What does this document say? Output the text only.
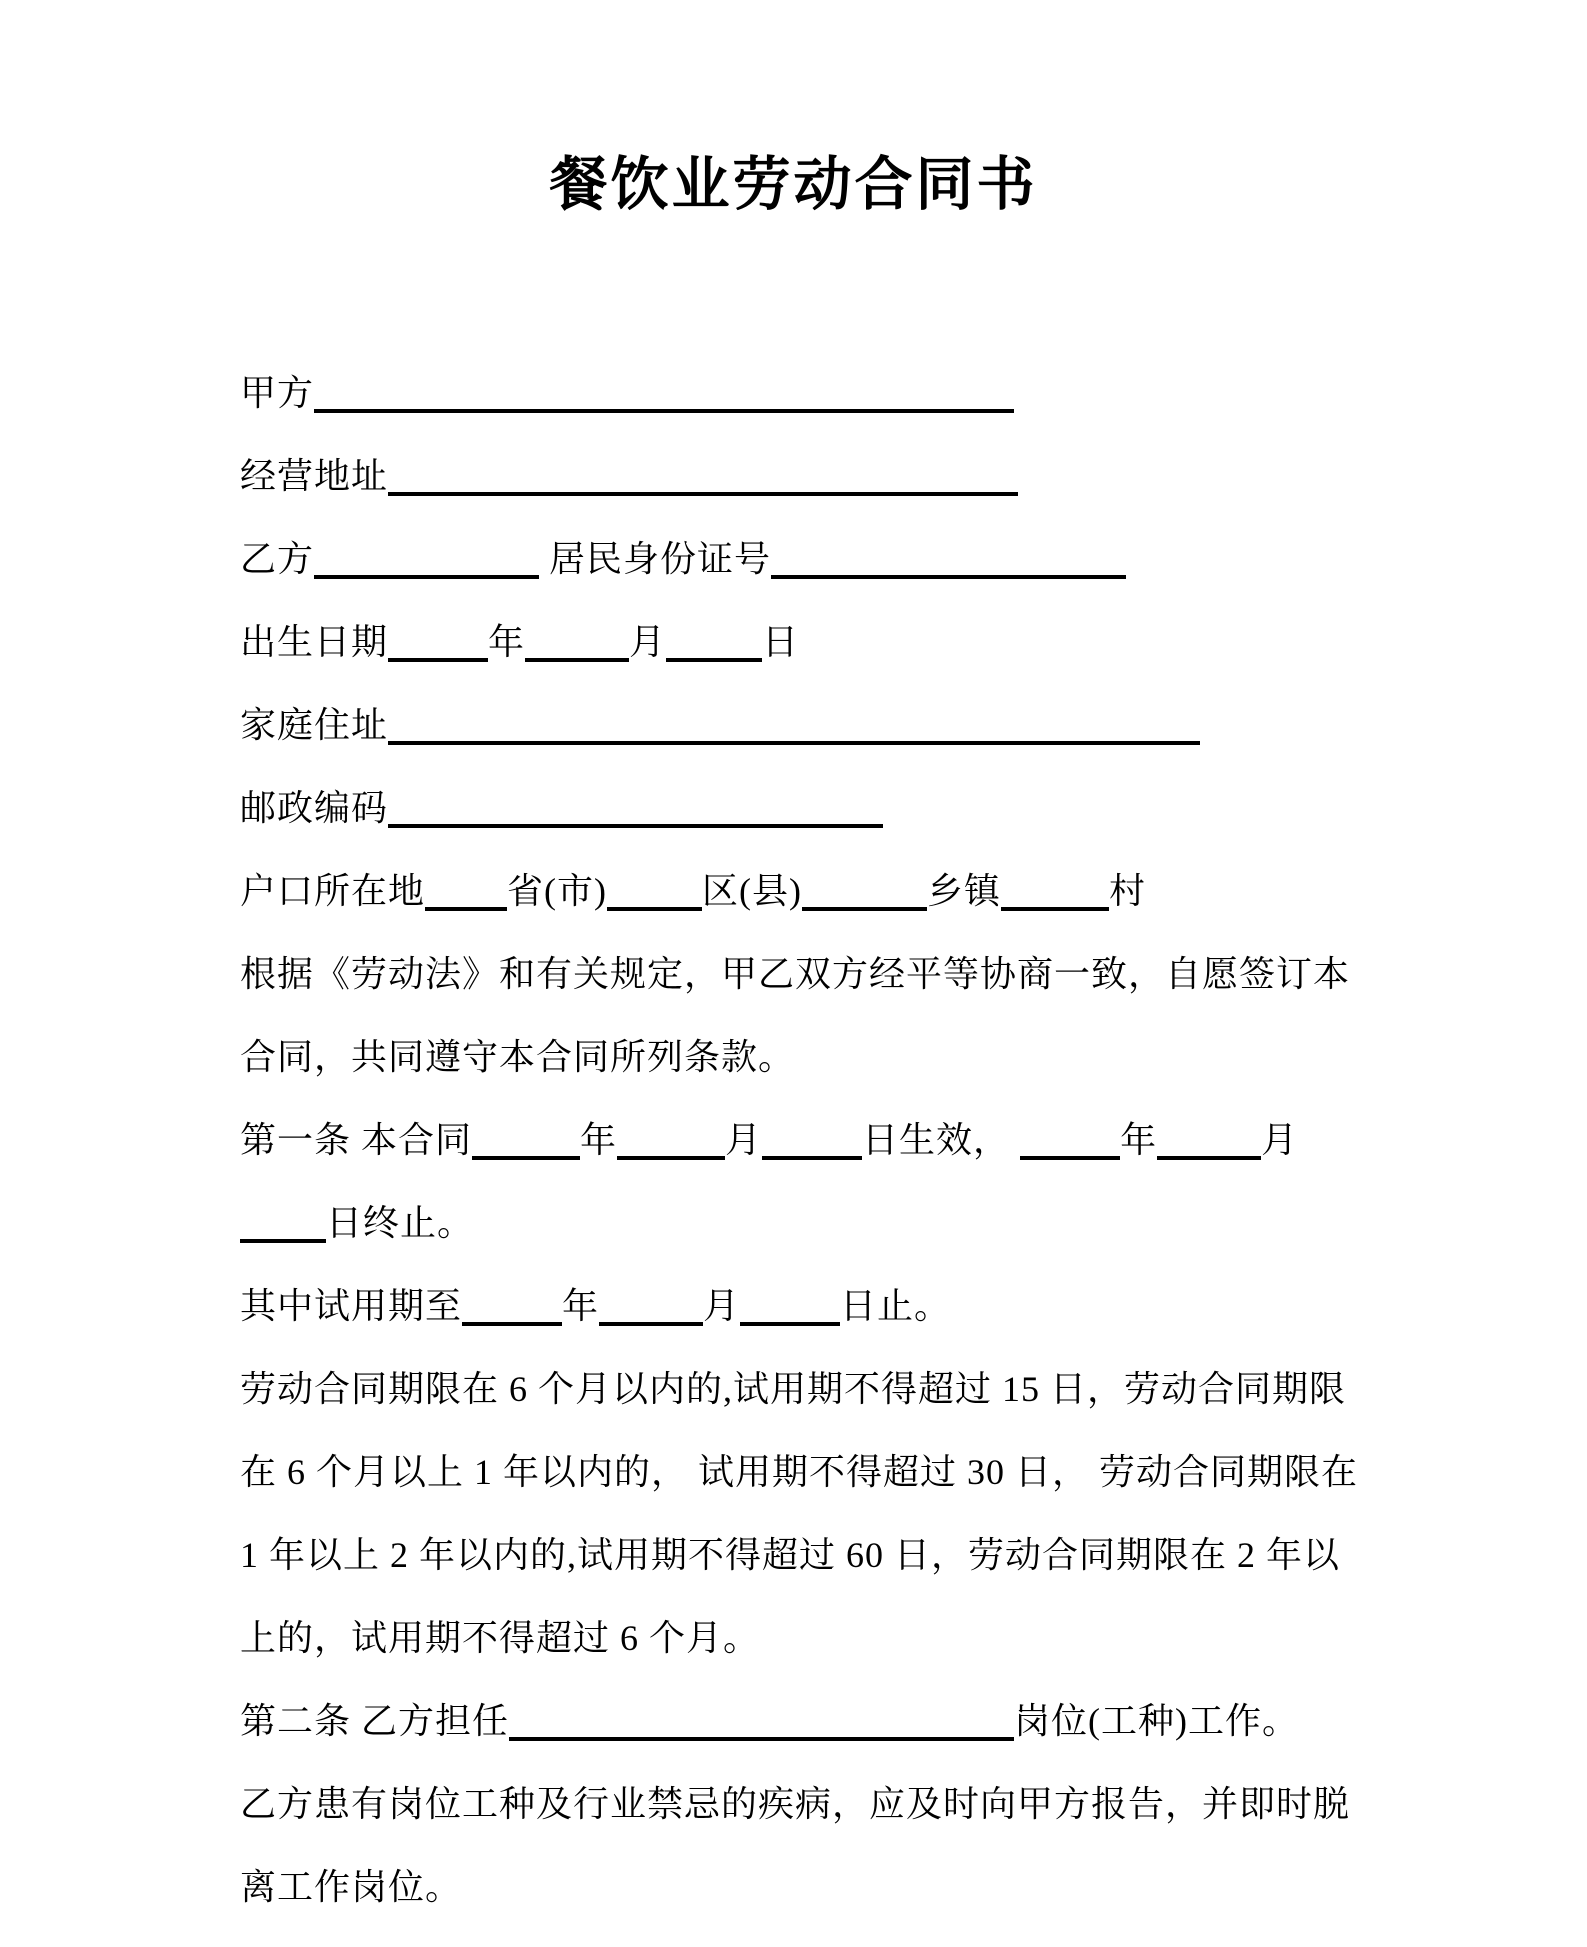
餐饮业劳动合同书
甲方
经营地址
乙方	居民身份证号
出生日期	年	月	日
家庭住址
邮政编码
户口所在地 省(市)	区(县)	乡镇	村
根据《劳动法》和有关规定，甲乙双方经平等协商一致，自愿签订本
合同，共同遵守本合同所列条款。
第一条 本合同	年	月	日生效，	年	月
日终止。
其中试用期至	年	月	日止。
劳动合同期限在 6 个月以内的,试用期不得超过 15 日，劳动合同期限
在 6 个月以上 1 年以内的， 试用期不得超过 30 日， 劳动合同期限在
1 年以上 2 年以内的,试用期不得超过 60 日，劳动合同期限在 2 年以
上的，试用期不得超过 6 个月。
第二条 乙方担任	岗位(工种)工作。
乙方患有岗位工种及行业禁忌的疾病，应及时向甲方报告，并即时脱
离工作岗位。
